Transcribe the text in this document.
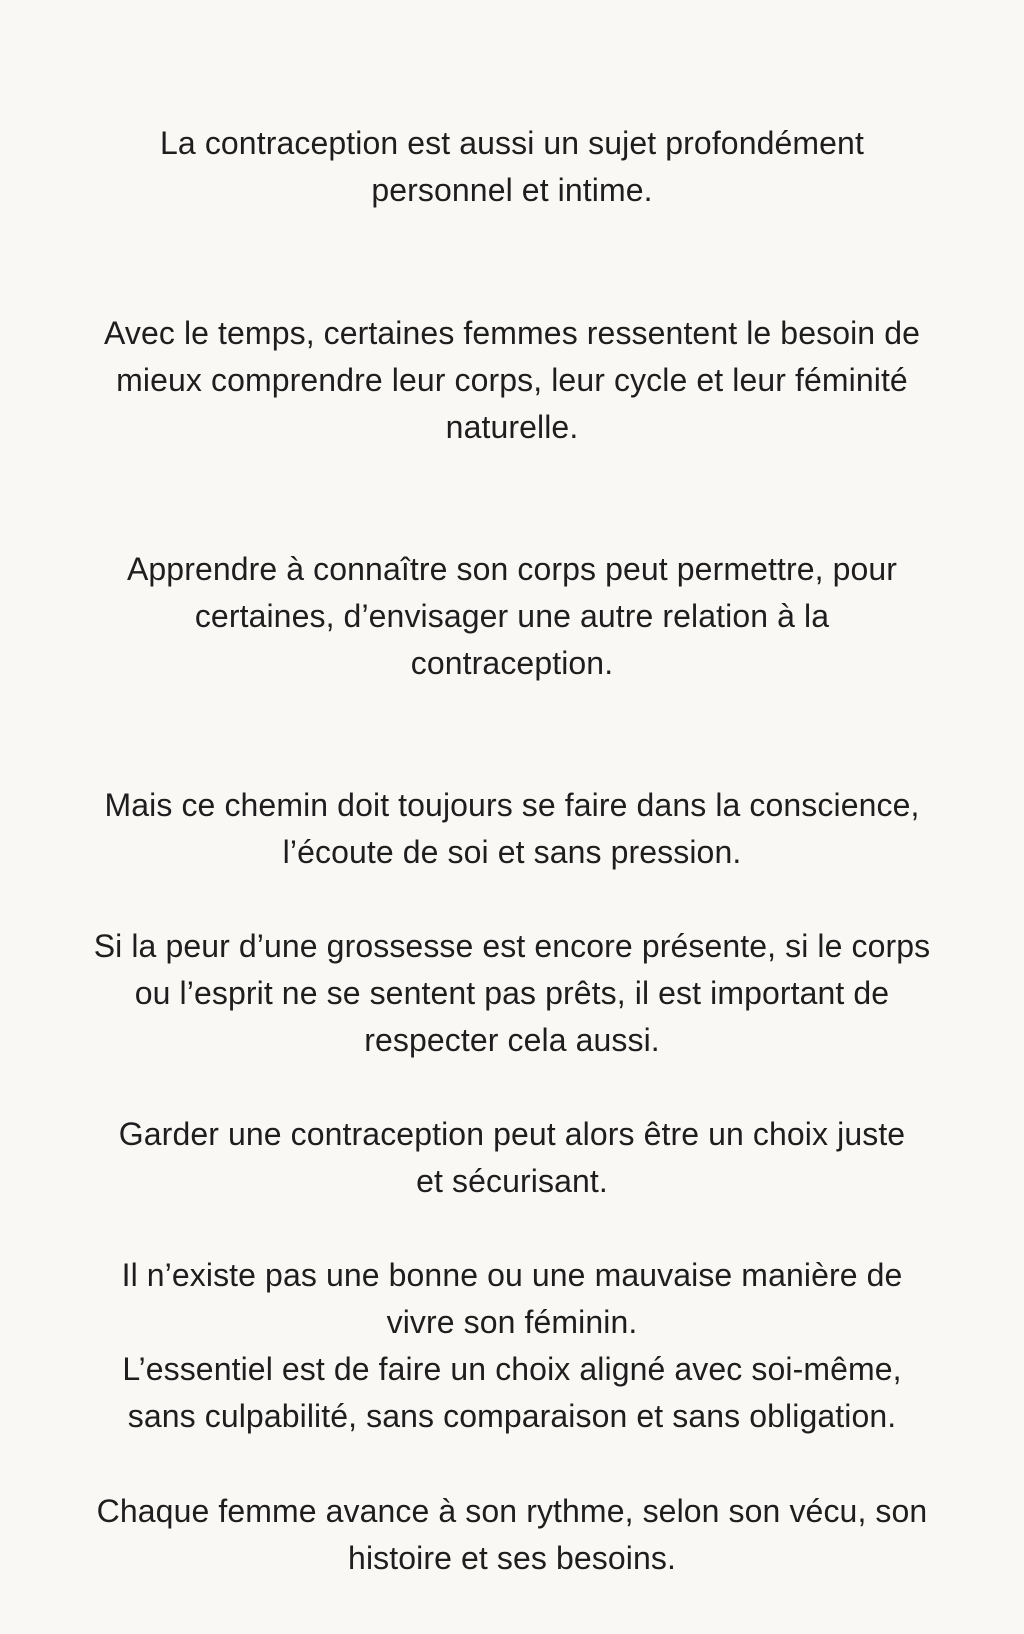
La contraception est aussi un sujet profondément
personnel et intime.

Avec le temps, certaines femmes ressentent le besoin de
mieux comprendre leur corps, leur cycle et leur féminité
naturelle.

Apprendre à connaître son corps peut permettre, pour
certaines, d’envisager une autre relation à la
contraception.

Mais ce chemin doit toujours se faire dans la conscience,
l’écoute de soi et sans pression.

Si la peur d’une grossesse est encore présente, si le corps
ou l’esprit ne se sentent pas prêts, il est important de
respecter cela aussi.

Garder une contraception peut alors être un choix juste
et sécurisant.

Il n’existe pas une bonne ou une mauvaise manière de
vivre son féminin.
L’essentiel est de faire un choix aligné avec soi-même,
sans culpabilité, sans comparaison et sans obligation.

Chaque femme avance à son rythme, selon son vécu, son
histoire et ses besoins.
